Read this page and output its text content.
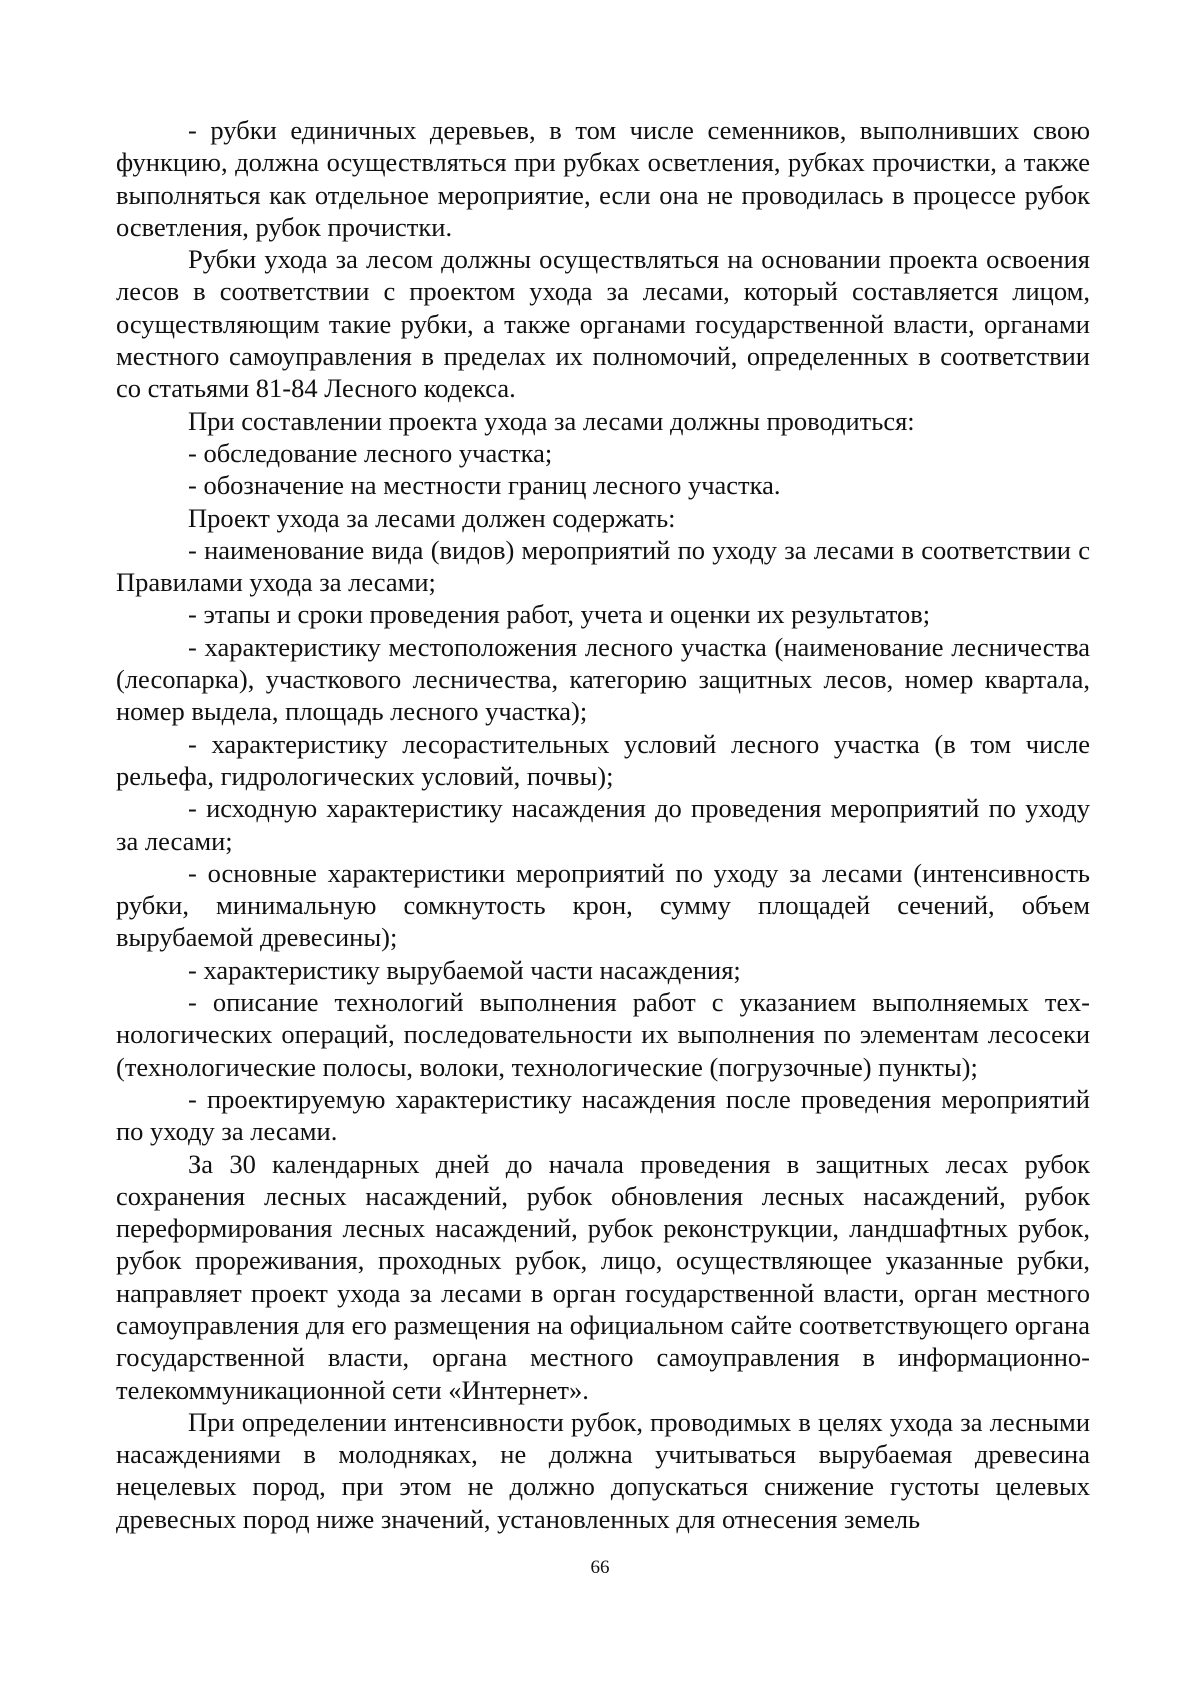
- рубки единичных деревьев, в том числе семенников, выполнивших свою функцию, должна осуществляться при рубках осветления, рубках прочистки, а также выполняться как отдельное мероприятие, если она не проводилась в процессе рубок осветления, рубок прочистки.

Рубки ухода за лесом должны осуществляться на основании проекта освоения лесов в соответствии с проектом ухода за лесами, который составляется лицом, осуществляющим такие рубки, а также органами государственной власти, органами местного самоуправления в пределах их полномочий, определенных в соответствии со статьями 81-84 Лесного кодекса.

При составлении проекта ухода за лесами должны проводиться:

- обследование лесного участка;

- обозначение на местности границ лесного участка.

Проект ухода за лесами должен содержать:

- наименование вида (видов) мероприятий по уходу за лесами в соответствии с Правилами ухода за лесами;

- этапы и сроки проведения работ, учета и оценки их результатов;

- характеристику местоположения лесного участка (наименование лесничества (лесопарка), участкового лесничества, категорию защитных лесов, номер квартала, номер выдела, площадь лесного участка);

- характеристику лесорастительных условий лесного участка (в том числе рельефа, гидрологических условий, почвы);

- исходную характеристику насаждения до проведения мероприятий по уходу за лесами;

- основные характеристики мероприятий по уходу за лесами (интенсивность рубки, минимальную сомкнутость крон, сумму площадей сечений, объем вырубаемой древесины);

- характеристику вырубаемой части насаждения;

- описание технологий выполнения работ с указанием выполняемых технологических операций, последовательности их выполнения по элементам лесосеки (технологические полосы, волоки, технологические (погрузочные) пункты);

- проектируемую характеристику насаждения после проведения мероприятий по уходу за лесами.

За 30 календарных дней до начала проведения в защитных лесах рубок сохранения лесных насаждений, рубок обновления лесных насаждений, рубок переформирования лесных насаждений, рубок реконструкции, ландшафтных рубок, рубок прореживания, проходных рубок, лицо, осуществляющее указанные рубки, направляет проект ухода за лесами в орган государственной власти, орган местного самоуправления для его размещения на официальном сайте соответствующего органа государственной власти, органа местного самоуправления в информационно-телекоммуникационной сети «Интернет».

При определении интенсивности рубок, проводимых в целях ухода за лесными насаждениями в молодняках, не должна учитываться вырубаемая древесина нецелевых пород, при этом не должно допускаться снижение густоты целевых древесных пород ниже значений, установленных для отнесения земель

66
